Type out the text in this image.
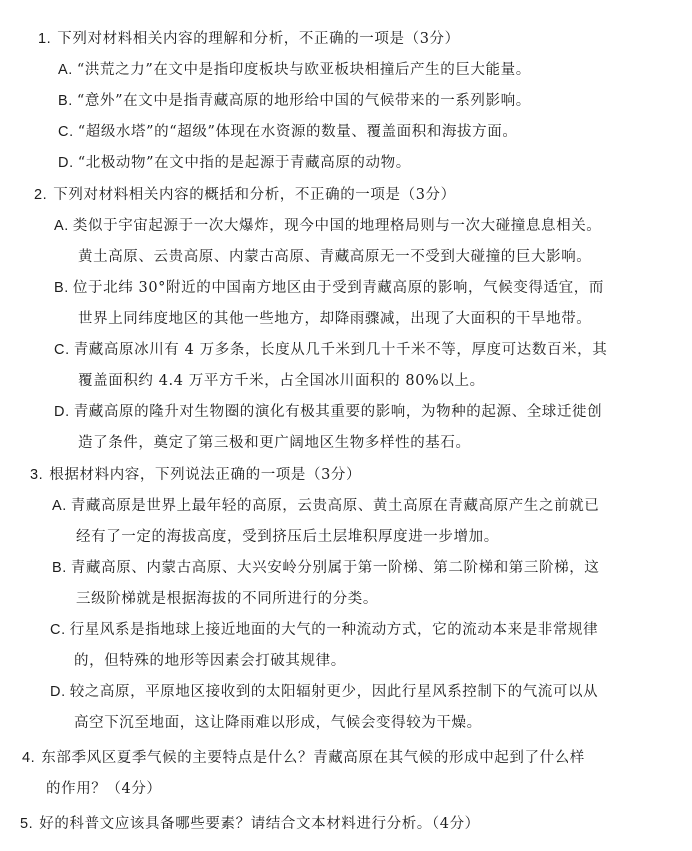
1. 下列对材料相关内容的理解和分析，不正确的一项是（3分）
A. “洪荒之力”在文中是指印度板块与欧亚板块相撞后产生的巨大能量。
B. “意外”在文中是指青藏高原的地形给中国的气候带来的一系列影响。
C. “超级水塔”的“超级”体现在水资源的数量、覆盖面积和海拔方面。
D. “北极动物”在文中指的是起源于青藏高原的动物。
2. 下列对材料相关内容的概括和分析，不正确的一项是（3分）
A. 类似于宇宙起源于一次大爆炸，现今中国的地理格局则与一次大碰撞息息相关。
黄土高原、云贵高原、内蒙古高原、青藏高原无一不受到大碰撞的巨大影响。
B. 位于北纬 30°附近的中国南方地区由于受到青藏高原的影响，气候变得适宜，而
世界上同纬度地区的其他一些地方，却降雨骤减，出现了大面积的干旱地带。
C. 青藏高原冰川有 4 万多条，长度从几千米到几十千米不等，厚度可达数百米，其
覆盖面积约 4.4 万平方千米，占全国冰川面积的 80%以上。
D. 青藏高原的隆升对生物圈的演化有极其重要的影响，为物种的起源、全球迁徙创
造了条件，奠定了第三极和更广阔地区生物多样性的基石。
3. 根据材料内容，下列说法正确的一项是（3分）
A. 青藏高原是世界上最年轻的高原，云贵高原、黄土高原在青藏高原产生之前就已
经有了一定的海拔高度，受到挤压后土层堆积厚度进一步增加。
B. 青藏高原、内蒙古高原、大兴安岭分别属于第一阶梯、第二阶梯和第三阶梯，这
三级阶梯就是根据海拔的不同所进行的分类。
C. 行星风系是指地球上接近地面的大气的一种流动方式，它的流动本来是非常规律
的，但特殊的地形等因素会打破其规律。
D. 较之高原，平原地区接收到的太阳辐射更少，因此行星风系控制下的气流可以从
高空下沉至地面，这让降雨难以形成，气候会变得较为干燥。
4. 东部季风区夏季气候的主要特点是什么？青藏高原在其气候的形成中起到了什么样
的作用？（4分）
5. 好的科普文应该具备哪些要素？请结合文本材料进行分析。（4分）
